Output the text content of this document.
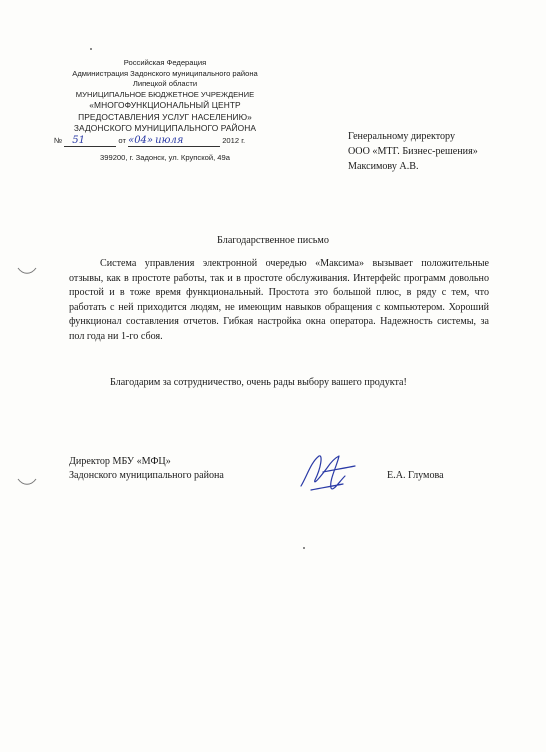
Российская Федерация
Администрация Задонского муниципального района
Липецкой области
МУНИЦИПАЛЬНОЕ БЮДЖЕТНОЕ УЧРЕЖДЕНИЕ
«МНОГОФУНКЦИОНАЛЬНЫЙ ЦЕНТР
ПРЕДОСТАВЛЕНИЯ УСЛУГ НАСЕЛЕНИЮ»
ЗАДОНСКОГО МУНИЦИПАЛЬНОГО РАЙОНА
№ 51	от «04» июля	2012 г.
399200, г. Задонск, ул. Крупской, 49а
Генеральному директору
ООО «МТГ. Бизнес-решения»
Максимову А.В.
Благодарственное письмо
Система управления электронной очередью «Максима» вызывает положительные отзывы, как в простоте работы, так и в простоте обслуживания. Интерфейс программ довольно простой и в тоже время функциональный. Простота это большой плюс, в ряду с тем, что работать с ней приходится людям, не имеющим навыков обращения с компьютером. Хороший функционал составления отчетов. Гибкая настройка окна оператора. Надежность системы, за пол года ни 1-го сбоя.
Благодарим за сотрудничество, очень рады выбору вашего продукта!
Директор МБУ «МФЦ»
Задонского муниципального района	Е.А. Глумова
